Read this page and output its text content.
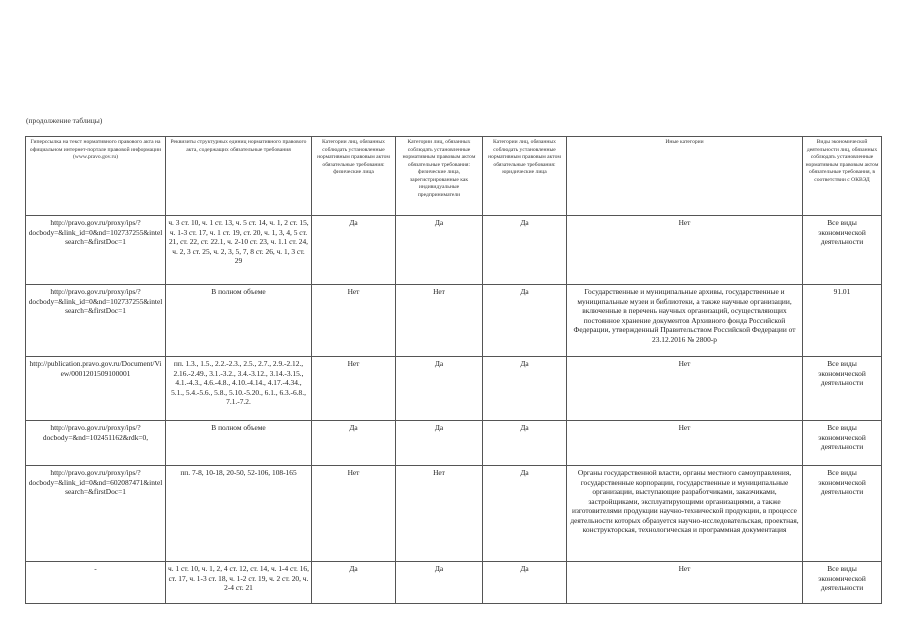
(продолжение таблицы)
Гиперссылка на текст нормативного правового акта на официальном интернет-портале правовой информации (www.pravo.gov.ru)	Реквизиты структурных единиц нормативного правового акта, содержащих обязательные требования	Категории лиц, обязанных соблюдать установленные нормативным правовым актом обязательные требования: физические лица	Категории лиц, обязанных соблюдать установленные нормативным правовым актом обязательные требования: физические лица, зарегистрированные как индивидуальные предприниматели	Категории лиц, обязанных соблюдать установленные нормативным правовым актом обязательные требования: юридические лица	Иные категории	Виды экономической деятельности лиц, обязанных соблюдать установленные нормативным правовым актом обязательные требования, в соответствии с ОКВЭД
http://pravo.gov.ru/proxy/ips/?docbody=&link_id=0&nd=102737255&intelsearch=&firstDoc=1	ч. 3 ст. 10, ч. 1 ст. 13, ч. 5 ст. 14, ч. 1, 2 ст. 15, ч. 1-3 ст. 17, ч. 1 ст. 19, ст. 20, ч. 1, 3, 4, 5 ст. 21, ст. 22, ст. 22.1, ч. 2-10 ст. 23, ч. 1.1 ст. 24, ч. 2, 3 ст. 25, ч. 2, 3, 5, 7, 8 ст. 26, ч. 1, 3 ст. 29	Да	Да	Да	Нет	Все виды экономической деятельности
http://pravo.gov.ru/proxy/ips/?docbody=&link_id=0&nd=102737255&intelsearch=&firstDoc=1	В полном объеме	Нет	Нет	Да	Государственные и муниципальные архивы, государственные и муниципальные музеи и библиотеки, а также научные организации, включенные в перечень научных организаций, осуществляющих постоянное хранение документов Архивного фонда Российской Федерации, утвержденный Правительством Российской Федерации от 23.12.2016 № 2800-р	91.01
http://publication.pravo.gov.ru/Document/View/0001201509100001	пп. 1.3., 1.5., 2.2.-2.3., 2.5., 2.7., 2.9.-2.12., 2.16.-2.49., 3.1.-3.2., 3.4.-3.12., 3.14.-3.15., 4.1.-4.3., 4.6.-4.8., 4.10.-4.14., 4.17.-4.34., 5.1., 5.4.-5.6., 5.8., 5.10.-5.20., 6.1., 6.3.-6.8., 7.1.-7.2.	Нет	Да	Да	Нет	Все виды экономической деятельности
http://pravo.gov.ru/proxy/ips/?docbody=&nd=102451162&rdk=0,	В полном объеме	Да	Да	Да	Нет	Все виды экономической деятельности
http://pravo.gov.ru/proxy/ips/?docbody=&link_id=0&nd=602087471&intelsearch=&firstDoc=1	пп. 7-8, 10-18, 20-50, 52-106, 108-165	Нет	Нет	Да	Органы государственной власти, органы местного самоуправления, государственные корпорации, государственные и муниципальные организации, выступающие разработчиками, заказчиками, застройщиками, эксплуатирующими организациями, а также изготовителями продукции научно-технической продукции, в процессе деятельности которых образуется научно-исследовательская, проектная, конструкторская, технологическая и программная документация	Все виды экономической деятельности
-	ч. 1 ст. 10, ч. 1, 2, 4 ст. 12, ст. 14, ч. 1-4 ст. 16, ст. 17, ч. 1-3 ст. 18, ч. 1-2 ст. 19, ч. 2 ст. 20, ч. 2-4 ст. 21	Да	Да	Да	Нет	Все виды экономической деятельности
